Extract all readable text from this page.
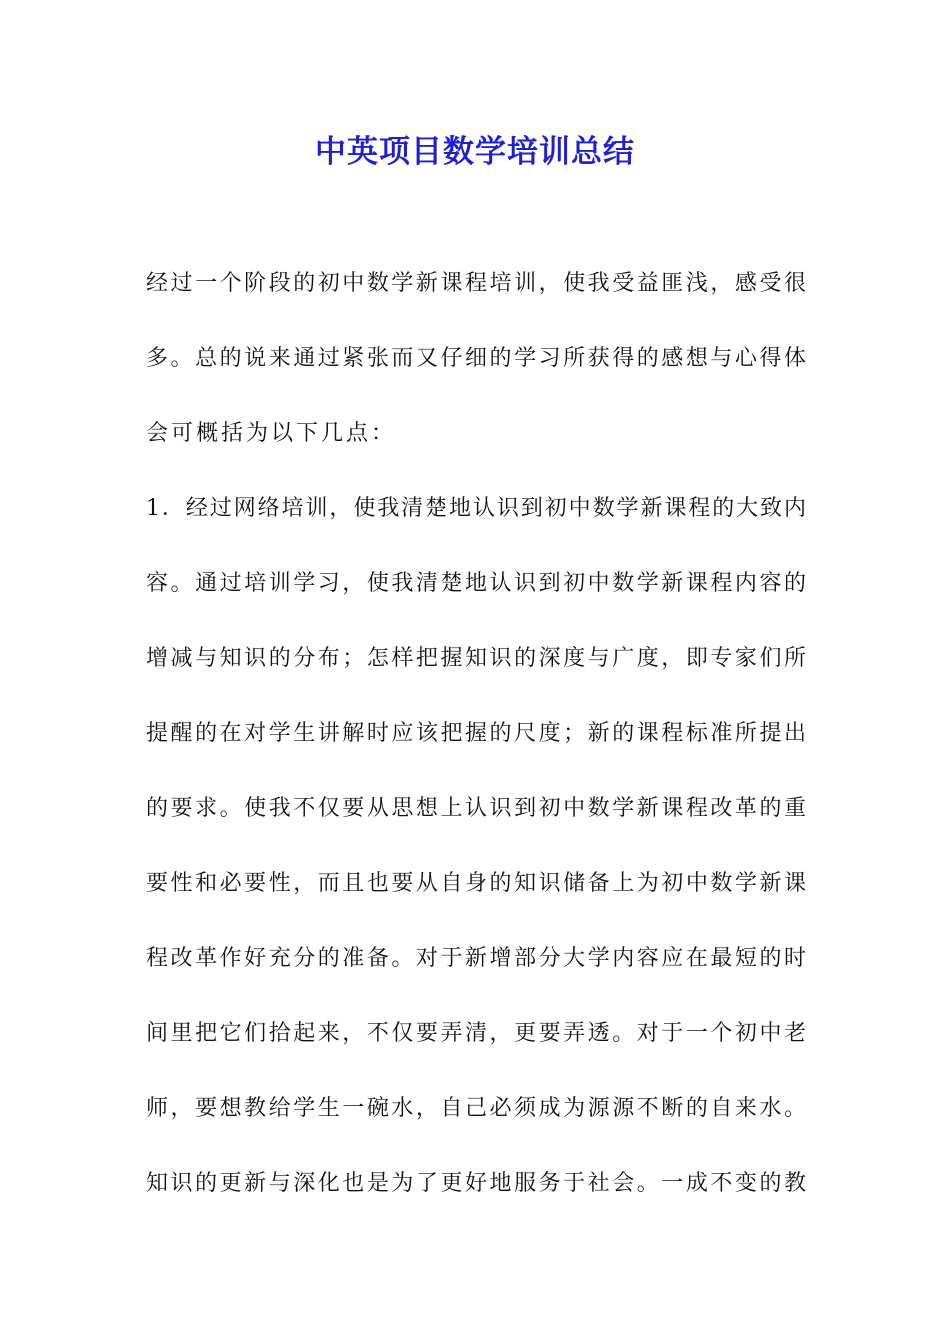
中英项目数学培训总结
经过一个阶段的初中数学新课程培训，使我受益匪浅，感受很
多。总的说来通过紧张而又仔细的学习所获得的感想与心得体
会可概括为以下几点：
1．经过网络培训，使我清楚地认识到初中数学新课程的大致内
容。通过培训学习，使我清楚地认识到初中数学新课程内容的
增减与知识的分布；怎样把握知识的深度与广度，即专家们所
提醒的在对学生讲解时应该把握的尺度；新的课程标准所提出
的要求。使我不仅要从思想上认识到初中数学新课程改革的重
要性和必要性，而且也要从自身的知识储备上为初中数学新课
程改革作好充分的准备。对于新增部分大学内容应在最短的时
间里把它们拾起来，不仅要弄清，更要弄透。对于一个初中老
师，要想教给学生一碗水，自己必须成为源源不断的自来水。
知识的更新与深化也是为了更好地服务于社会。一成不变的教
